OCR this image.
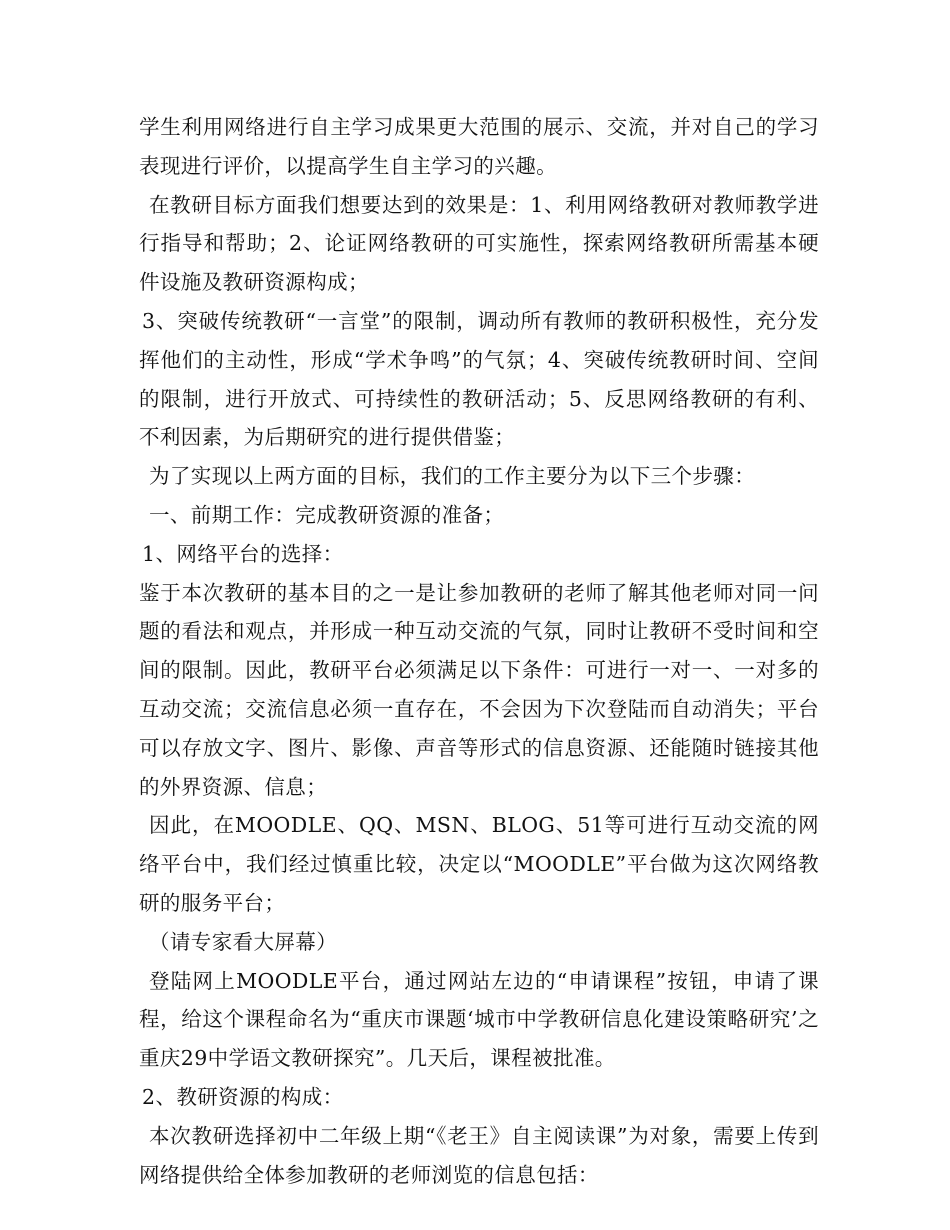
学生利用网络进行自主学习成果更大范围的展示、交流，并对自己的学习表现进行评价，以提高学生自主学习的兴趣。

在教研目标方面我们想要达到的效果是：1、利用网络教研对教师教学进行指导和帮助；2、论证网络教研的可实施性，探索网络教研所需基本硬件设施及教研资源构成；

3、突破传统教研“一言堂”的限制，调动所有教师的教研积极性，充分发挥他们的主动性，形成“学术争鸣”的气氛；4、突破传统教研时间、空间的限制，进行开放式、可持续性的教研活动；5、反思网络教研的有利、不利因素，为后期研究的进行提供借鉴；

为了实现以上两方面的目标，我们的工作主要分为以下三个步骤：

一、前期工作：完成教研资源的准备；

1、网络平台的选择：

鉴于本次教研的基本目的之一是让参加教研的老师了解其他老师对同一问题的看法和观点，并形成一种互动交流的气氛，同时让教研不受时间和空间的限制。因此，教研平台必须满足以下条件：可进行一对一、一对多的互动交流；交流信息必须一直存在，不会因为下次登陆而自动消失；平台可以存放文字、图片、影像、声音等形式的信息资源、还能随时链接其他的外界资源、信息；

因此，在MOODLE、QQ、MSN、BLOG、51等可进行互动交流的网络平台中，我们经过慎重比较，决定以“MOODLE”平台做为这次网络教研的服务平台；

（请专家看大屏幕）

登陆网上MOODLE平台，通过网站左边的“申请课程”按钮，申请了课程，给这个课程命名为“重庆市课题‘城市中学教研信息化建设策略研究’之重庆29中学语文教研探究”。几天后，课程被批准。

2、教研资源的构成：

本次教研选择初中二年级上期“《老王》自主阅读课”为对象，需要上传到网络提供给全体参加教研的老师浏览的信息包括：
